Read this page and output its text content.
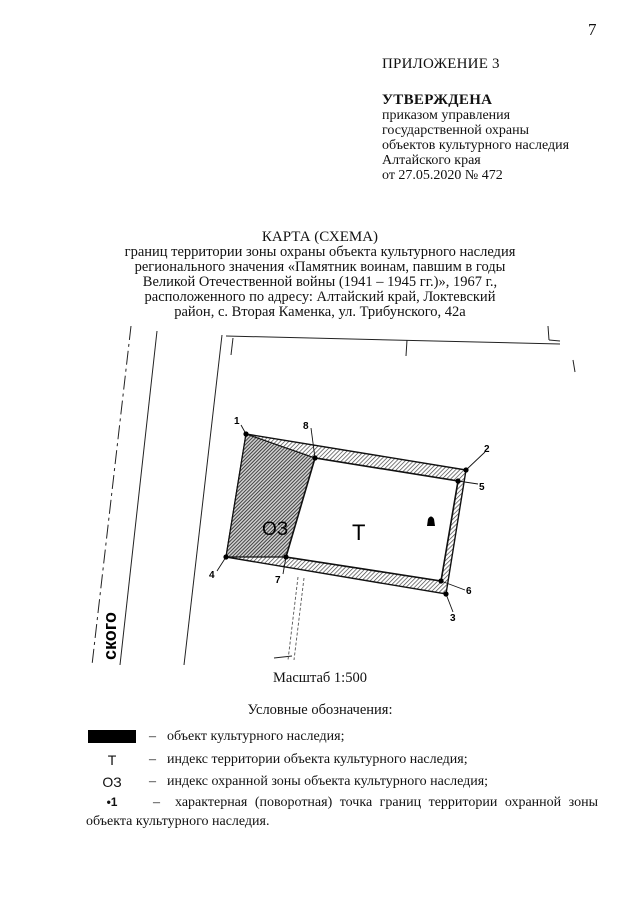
7
ПРИЛОЖЕНИЕ 3
УТВЕРЖДЕНА
приказом управления
государственной охраны
объектов культурного наследия
Алтайского края
от 27.05.2020 № 472
КАРТА (СХЕМА)
границ территории зоны охраны объекта культурного наследия
регионального значения «Памятник воинам, павшим в годы
Великой Отечественной войны (1941 – 1945 гг.)», 1967 г.,
расположенного по адресу: Алтайский край, Локтевский
район, с. Вторая Каменка, ул. Трибунского, 42а
ОЗ	Т
ского
1
2
3
4
5
6
7
8
Масштаб 1:500
Условные обозначения:
– объект культурного наследия;
Т – индекс территории объекта культурного наследия;
ОЗ – индекс охранной зоны объекта культурного наследия;
•1	– характерная (поворотная) точка границ территории охранной зоны объекта культурного наследия.
